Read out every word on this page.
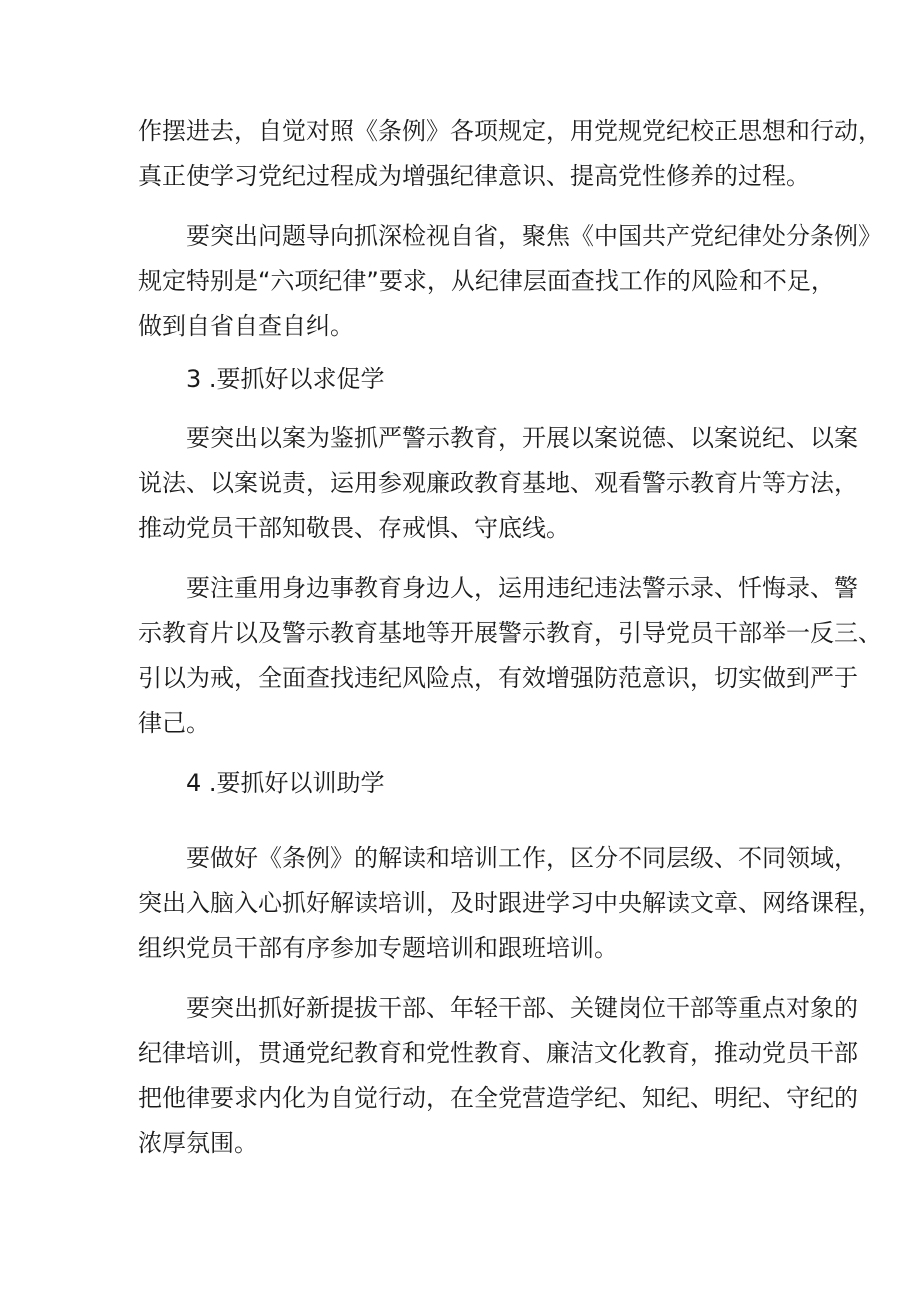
作摆进去，自觉对照《条例》各项规定，用党规党纪校正思想和行动，
真正使学习党纪过程成为增强纪律意识、提高党性修养的过程。
要突出问题导向抓深检视自省，聚焦《中国共产党纪律处分条例》
规定特别是“六项纪律”要求，从纪律层面查找工作的风险和不足，
做到自省自查自纠。
3 .要抓好以求促学
要突出以案为鉴抓严警示教育，开展以案说德、以案说纪、以案
说法、以案说责，运用参观廉政教育基地、观看警示教育片等方法，
推动党员干部知敬畏、存戒惧、守底线。
要注重用身边事教育身边人，运用违纪违法警示录、忏悔录、警
示教育片以及警示教育基地等开展警示教育，引导党员干部举一反三、
引以为戒，全面查找违纪风险点，有效增强防范意识，切实做到严于
律己。
4 .要抓好以训助学
要做好《条例》的解读和培训工作，区分不同层级、不同领域，
突出入脑入心抓好解读培训，及时跟进学习中央解读文章、网络课程，
组织党员干部有序参加专题培训和跟班培训。
要突出抓好新提拔干部、年轻干部、关键岗位干部等重点对象的
纪律培训，贯通党纪教育和党性教育、廉洁文化教育，推动党员干部
把他律要求内化为自觉行动，在全党营造学纪、知纪、明纪、守纪的
浓厚氛围。
